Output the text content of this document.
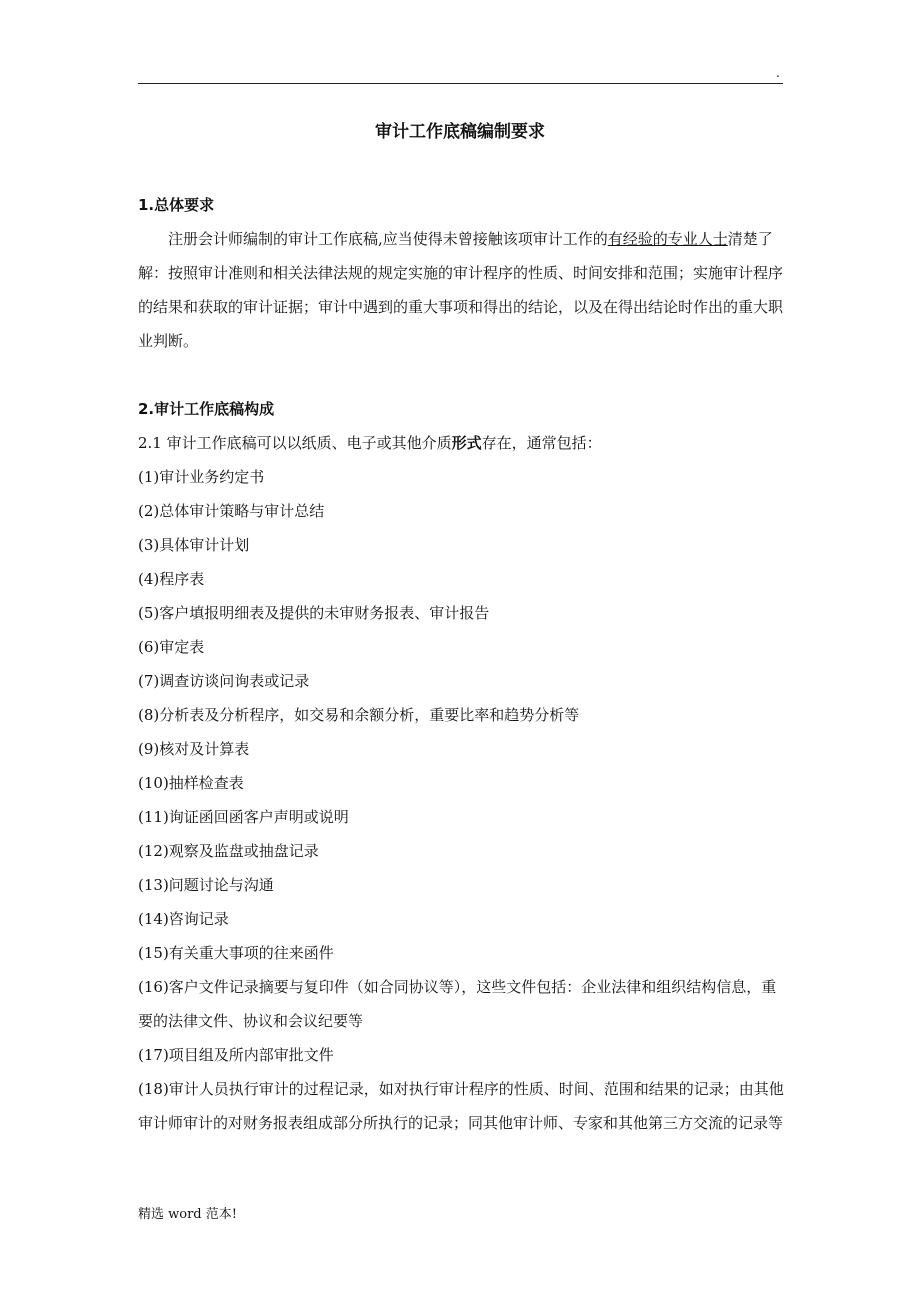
.
审计工作底稿编制要求
1.总体要求

注册会计师编制的审计工作底稿,应当使得未曾接触该项审计工作的有经验的专业人士清楚了解：按照审计准则和相关法律法规的规定实施的审计程序的性质、时间安排和范围；实施审计程序的结果和获取的审计证据；审计中遇到的重大事项和得出的结论，以及在得出结论时作出的重大职业判断。

2.审计工作底稿构成

2.1 审计工作底稿可以以纸质、电子或其他介质形式存在，通常包括：

(1)审计业务约定书

(2)总体审计策略与审计总结

(3)具体审计计划

(4)程序表

(5)客户填报明细表及提供的未审财务报表、审计报告

(6)审定表

(7)调查访谈问询表或记录

(8)分析表及分析程序，如交易和余额分析，重要比率和趋势分析等

(9)核对及计算表

(10)抽样检查表

(11)询证函回函客户声明或说明

(12)观察及监盘或抽盘记录

(13)问题讨论与沟通

(14)咨询记录

(15)有关重大事项的往来函件

(16)客户文件记录摘要与复印件（如合同协议等），这些文件包括：企业法律和组织结构信息，重要的法律文件、协议和会议纪要等

(17)项目组及所内部审批文件

(18)审计人员执行审计的过程记录，如对执行审计程序的性质、时间、范围和结果的记录；由其他审计师审计的对财务报表组成部分所执行的记录；同其他审计师、专家和其他第三方交流的记录等

精选 word 范本!
